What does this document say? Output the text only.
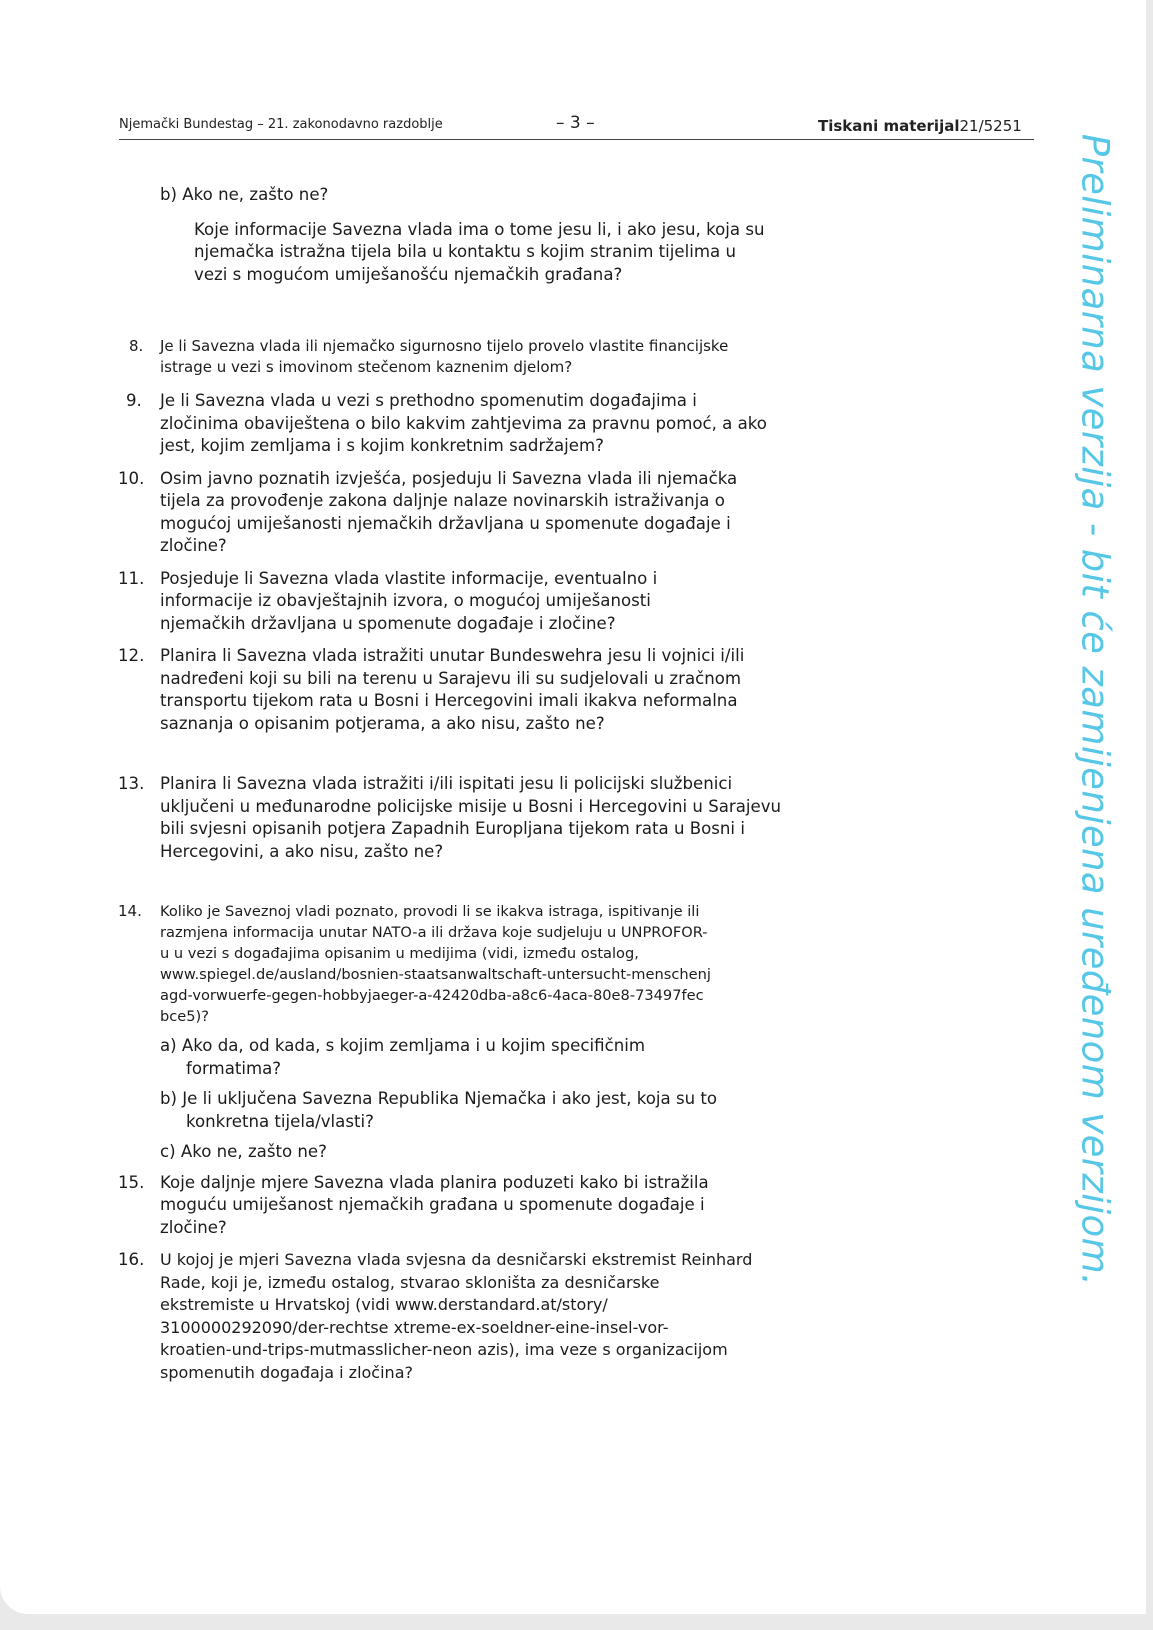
Njemački Bundestag – 21. zakonodavno razdoblje	– 3 –	Tiskani materijal21/5251

b) Ako ne, zašto ne?

Koje informacije Savezna vlada ima o tome jesu li, i ako jesu, koja su njemačka istražna tijela bila u kontaktu s kojim stranim tijelima u vezi s mogućom umiješanošću njemačkih građana?

8. Je li Savezna vlada ili njemačko sigurnosno tijelo provelo vlastite financijske istrage u vezi s imovinom stečenom kaznenim djelom?

9. Je li Savezna vlada u vezi s prethodno spomenutim događajima i zločinima obaviještena o bilo kakvim zahtjevima za pravnu pomoć, a ako jest, kojim zemljama i s kojim konkretnim sadržajem?

10. Osim javno poznatih izvješća, posjeduju li Savezna vlada ili njemačka tijela za provođenje zakona daljnje nalaze novinarskih istraživanja o mogućoj umiješanosti njemačkih državljana u spomenute događaje i zločine?

11. Posjeduje li Savezna vlada vlastite informacije, eventualno i informacije iz obavještajnih izvora, o mogućoj umiješanosti njemačkih državljana u spomenute događaje i zločine?

12. Planira li Savezna vlada istražiti unutar Bundeswehra jesu li vojnici i/ili nadređeni koji su bili na terenu u Sarajevu ili su sudjelovali u zračnom transportu tijekom rata u Bosni i Hercegovini imali ikakva neformalna saznanja o opisanim potjerama, a ako nisu, zašto ne?

13. Planira li Savezna vlada istražiti i/ili ispitati jesu li policijski službenici uključeni u međunarodne policijske misije u Bosni i Hercegovini u Sarajevu bili svjesni opisanih potjera Zapadnih Europljana tijekom rata u Bosni i Hercegovini, a ako nisu, zašto ne?

14. Koliko je Saveznoj vladi poznato, provodi li se ikakva istraga, ispitivanje ili
razmjena informacija unutar NATO-a ili država koje sudjeluju u UNPROFOR-
u u vezi s događajima opisanim u medijima (vidi, između ostalog,
www.spiegel.de/ausland/bosnien-staatsanwaltschaft-untersucht-menschenj
agd-vorwuerfe-gegen-hobbyjaeger-a-42420dba-a8c6-4aca-80e8-73497fec
bce5)?
a) Ako da, od kada, s kojim zemljama i u kojim specifičnim
formatima?
b) Je li uključena Savezna Republika Njemačka i ako jest, koja su to
konkretna tijela/vlasti?
c) Ako ne, zašto ne?
15. Koje daljnje mjere Savezna vlada planira poduzeti kako bi istražila moguću umiješanost njemačkih građana u spomenute događaje i zločine?

16. U kojoj je mjeri Savezna vlada svjesna da desničarski ekstremist Reinhard
Rade, koji je, između ostalog, stvarao skloništa za desničarske
ekstremiste u Hrvatskoj (vidi www.derstandard.at/story/
3100000292090/der-rechtse xtreme-ex-soeldner-eine-insel-vor-
kroatien-und-trips-mutmasslicher-neon azis), ima veze s organizacijom
spomenutih događaja i zločina?
Preliminarna verzija - bit će zamijenjena uređenom verzijom.
